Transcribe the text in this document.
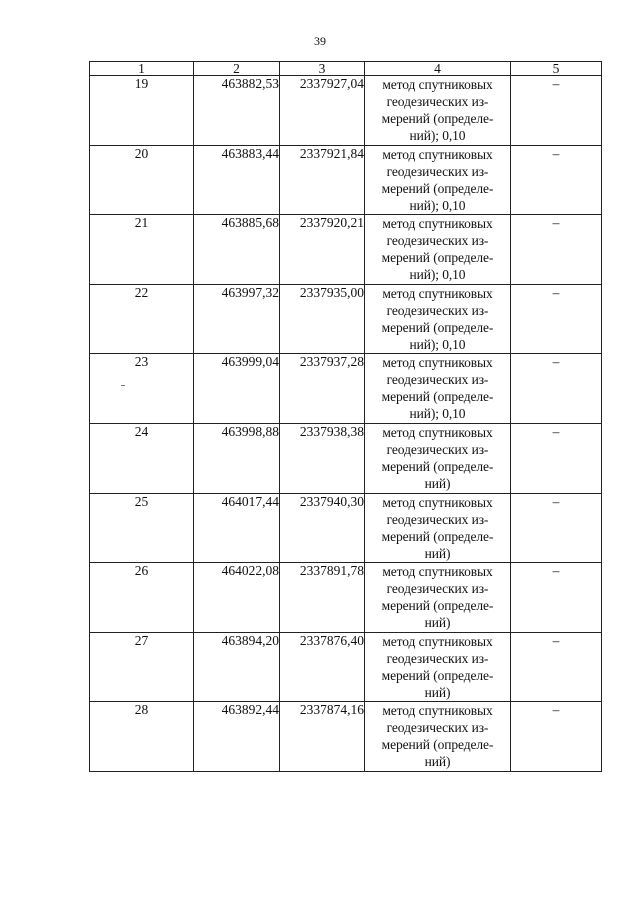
39
1	2	3	4	5
19	463882,53	2337927,04	метод спутниковых
геодезических из-
мерений (определе-
ний); 0,10	–
20	463883,44	2337921,84	метод спутниковых
геодезических из-
мерений (определе-
ний); 0,10	–
21	463885,68	2337920,21	метод спутниковых
геодезических из-
мерений (определе-
ний); 0,10	–
22	463997,32	2337935,00	метод спутниковых
геодезических из-
мерений (определе-
ний); 0,10	–
23	463999,04	2337937,28	метод спутниковых
геодезических из-
мерений (определе-
ний); 0,10	–
24	463998,88	2337938,38	метод спутниковых
геодезических из-
мерений (определе-
ний)	–
25	464017,44	2337940,30	метод спутниковых
геодезических из-
мерений (определе-
ний)	–
26	464022,08	2337891,78	метод спутниковых
геодезических из-
мерений (определе-
ний)	–
27	463894,20	2337876,40	метод спутниковых
геодезических из-
мерений (определе-
ний)	–
28	463892,44	2337874,16	метод спутниковых
геодезических из-
мерений (определе-
ний)	–
